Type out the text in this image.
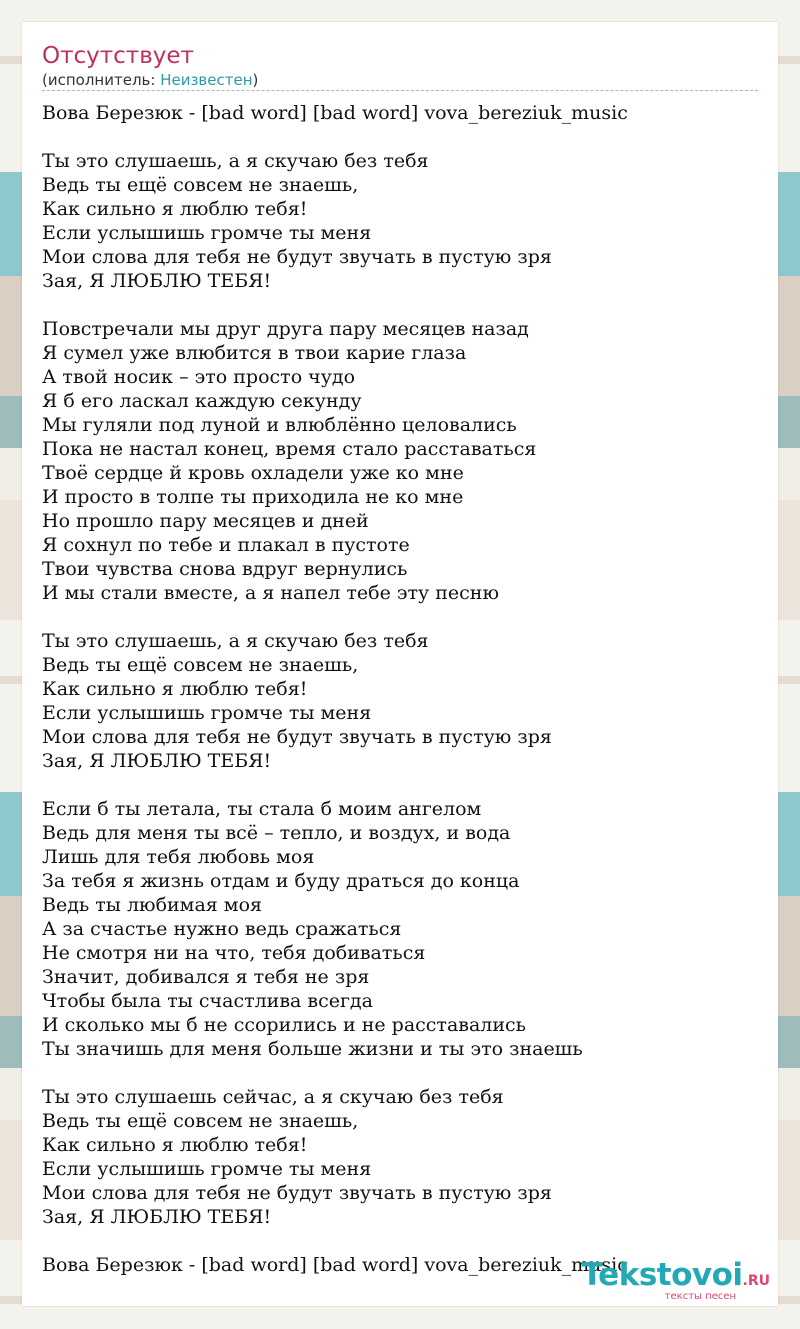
Отсутствует
(исполнитель: Неизвестен)
Вова Березюк - [bad word] [bad word] vova_bereziuk_music
Ты это слушаешь, а я скучаю без тебя
Ведь ты ещё совсем не знаешь,
Как сильно я люблю тебя!
Если услышишь громче ты меня
Мои слова для тебя не будут звучать в пустую зря
Зая, Я ЛЮБЛЮ ТЕБЯ!
Повстречали мы друг друга пару месяцев назад
Я сумел уже влюбится в твои карие глаза
А твой носик – это просто чудо
Я б его ласкал каждую секунду
Мы гуляли под луной и влюблённо целовались
Пока не настал конец, время стало расставаться
Твоё сердце й кровь охладели уже ко мне
И просто в толпе ты приходила не ко мне
Но прошло пару месяцев и дней
Я сохнул по тебе и плакал в пустоте
Твои чувства снова вдруг вернулись
И мы стали вместе, а я напел тебе эту песню
Ты это слушаешь, а я скучаю без тебя
Ведь ты ещё совсем не знаешь,
Как сильно я люблю тебя!
Если услышишь громче ты меня
Мои слова для тебя не будут звучать в пустую зря
Зая, Я ЛЮБЛЮ ТЕБЯ!
Если б ты летала, ты стала б моим ангелом
Ведь для меня ты всё – тепло, и воздух, и вода
Лишь для тебя любовь моя
За тебя я жизнь отдам и буду драться до конца
Ведь ты любимая моя
А за счастье нужно ведь сражаться
Не смотря ни на что, тебя добиваться
Значит, добивался я тебя не зря
Чтобы была ты счастлива всегда
И сколько мы б не ссорились и не расставались
Ты значишь для меня больше жизни и ты это знаешь
Ты это слушаешь сейчас, а я скучаю без тебя
Ведь ты ещё совсем не знаешь,
Как сильно я люблю тебя!
Если услышишь громче ты меня
Мои слова для тебя не будут звучать в пустую зря
Зая, Я ЛЮБЛЮ ТЕБЯ!
Вова Березюк - [bad word] [bad word] vova_bereziuk_music
Tekstovoi.RU
тексты песен
